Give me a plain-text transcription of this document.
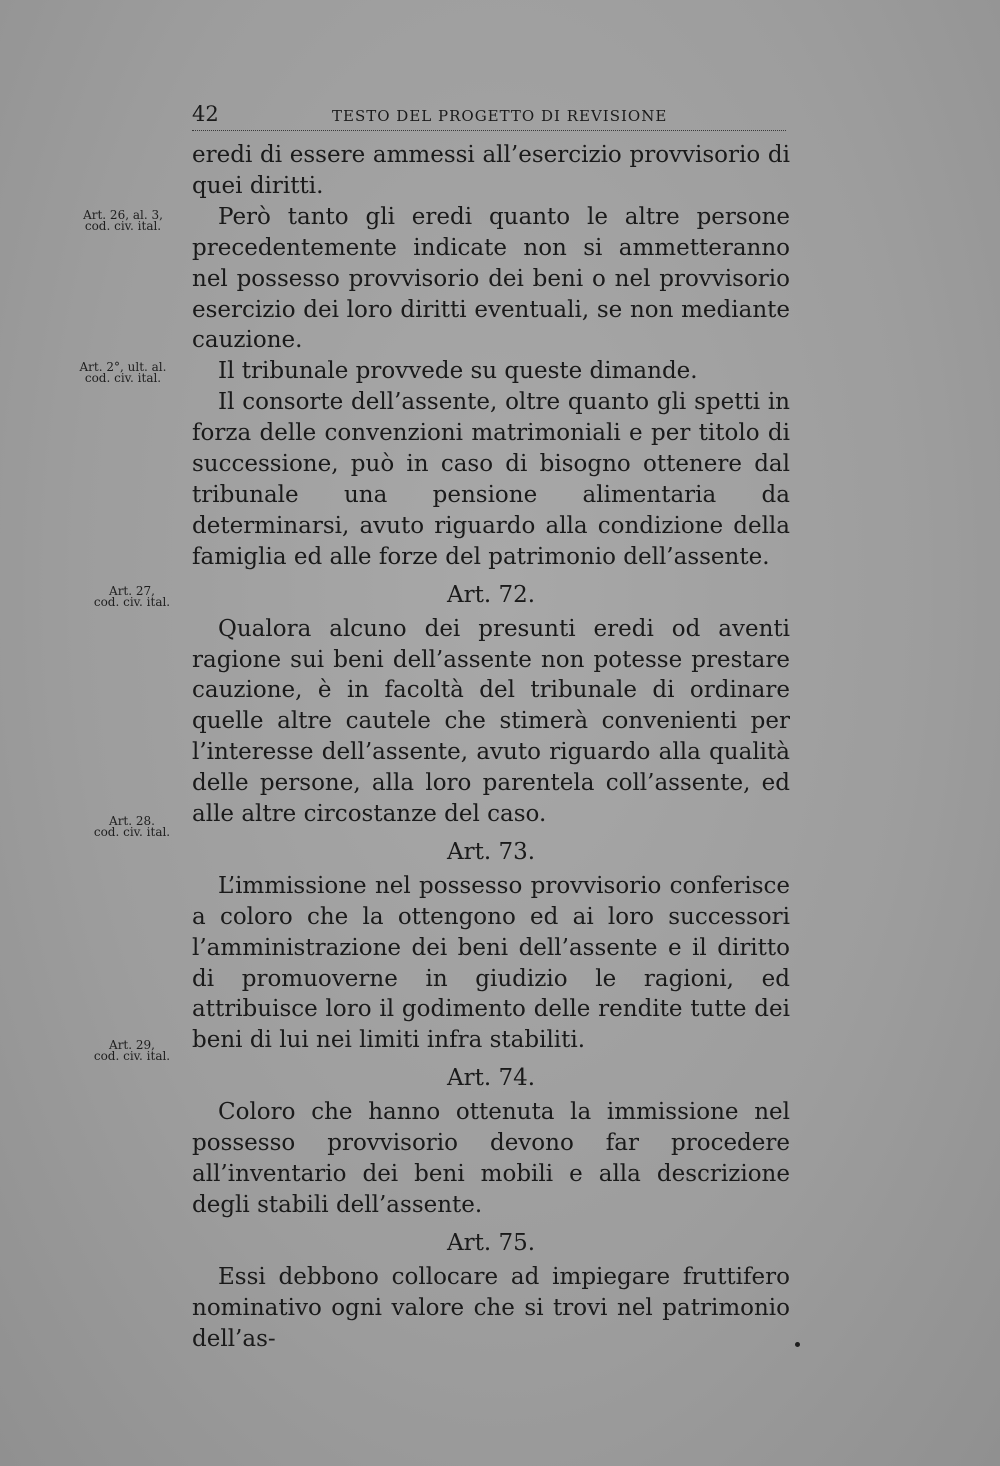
42	TESTO DEL PROGETTO DI REVISIONE
Art. 26, al. 3,
cod. civ. ital.
Art. 2°, ult. al.
cod. civ. ital.
Art. 27,
cod. civ. ital.
Art. 28.
cod. civ. ital.
Art. 29,
cod. civ. ital.

eredi di essere ammessi all’esercizio provvisorio di quei diritti.

Però tanto gli eredi quanto le altre persone precedentemente indicate non si ammetteranno nel possesso provvisorio dei beni o nel provvisorio esercizio dei loro diritti eventuali, se non mediante cauzione.

Il tribunale provvede su queste dimande.

Il consorte dell’assente, oltre quanto gli spetti in forza delle convenzioni matrimoniali e per titolo di successione, può in caso di bisogno ottenere dal tribunale una pensione alimentaria da determinarsi, avuto riguardo alla condizione della famiglia ed alle forze del patrimonio dell’assente.

Art. 72.

Qualora alcuno dei presunti eredi od aventi ragione sui beni dell’assente non potesse prestare cauzione, è in facoltà del tribunale di ordinare quelle altre cautele che stimerà convenienti per l’interesse dell’assente, avuto riguardo alla qualità delle persone, alla loro parentela coll’assente, ed alle altre circostanze del caso.

Art. 73.

L’immissione nel possesso provvisorio conferisce a coloro che la ottengono ed ai loro successori l’amministrazione dei beni dell’assente e il diritto di promuoverne in giudizio le ragioni, ed attribuisce loro il godimento delle rendite tutte dei beni di lui nei limiti infra stabiliti.

Art. 74.

Coloro che hanno ottenuta la immissione nel possesso provvisorio devono far procedere all’inventario dei beni mobili e alla descrizione degli stabili dell’assente.

Art. 75.

Essi debbono collocare ad impiegare fruttifero nominativo ogni valore che si trovi nel patrimonio dell’as-
